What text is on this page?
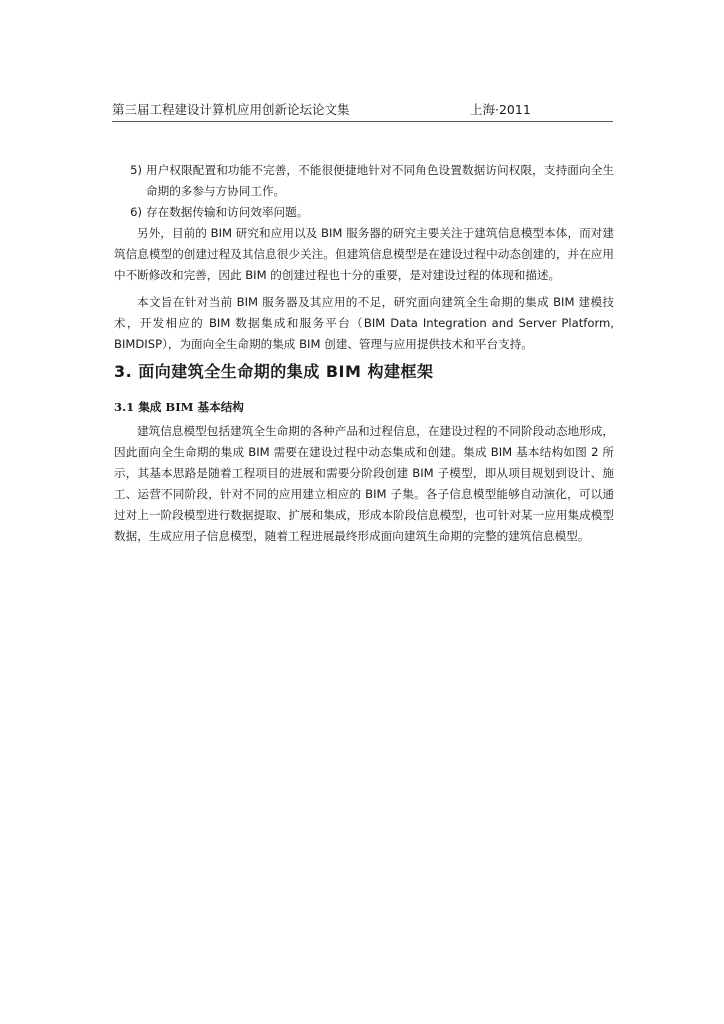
第三届工程建设计算机应用创新论坛论文集	上海·2011
5) 用户权限配置和功能不完善，不能很便捷地针对不同角色设置数据访问权限，支持面向全生命期的多参与方协同工作。
6) 存在数据传输和访问效率问题。

另外，目前的 BIM 研究和应用以及 BIM 服务器的研究主要关注于建筑信息模型本体，而对建筑信息模型的创建过程及其信息很少关注。但建筑信息模型是在建设过程中动态创建的，并在应用中不断修改和完善，因此 BIM 的创建过程也十分的重要，是对建设过程的体现和描述。

本文旨在针对当前 BIM 服务器及其应用的不足，研究面向建筑全生命期的集成 BIM 建模技术，开发相应的 BIM 数据集成和服务平台（BIM Data Integration and Server Platform, BIMDISP），为面向全生命期的集成 BIM 创建、管理与应用提供技术和平台支持。

3. 面向建筑全生命期的集成 BIM 构建框架
3.1 集成 BIM 基本结构

建筑信息模型包括建筑全生命期的各种产品和过程信息，在建设过程的不同阶段动态地形成，因此面向全生命期的集成 BIM 需要在建设过程中动态集成和创建。集成 BIM 基本结构如图 2 所示，其基本思路是随着工程项目的进展和需要分阶段创建 BIM 子模型，即从项目规划到设计、施工、运营不同阶段，针对不同的应用建立相应的 BIM 子集。各子信息模型能够自动演化，可以通过对上一阶段模型进行数据提取、扩展和集成，形成本阶段信息模型，也可针对某一应用集成模型数据，生成应用子信息模型，随着工程进展最终形成面向建筑生命期的完整的建筑信息模型。
